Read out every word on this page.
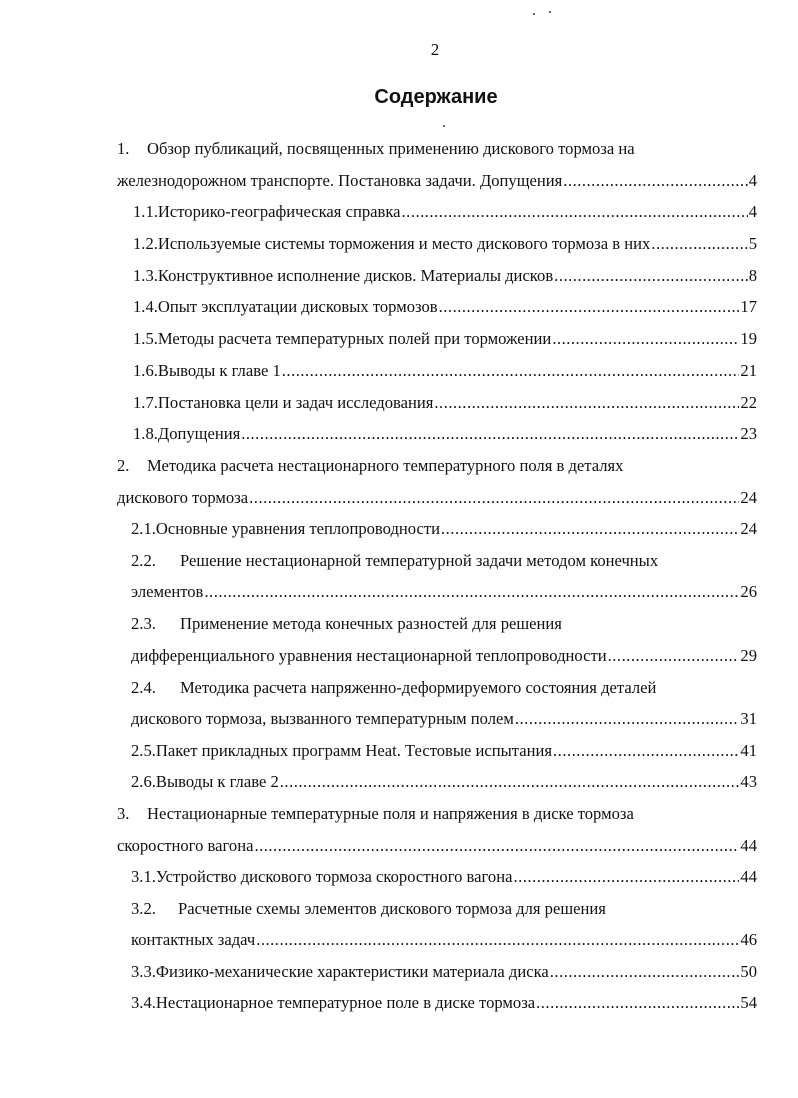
2
Содержание
1. Обзор публикаций, посвященных применению дискового тормоза на
железнодорожном транспорте. Постановка задачи. Допущения .....	4
1.1. Историко-географическая справка .....	4
1.2. Используемые системы торможения и место дискового тормоза в них .....	5
1.3. Конструктивное исполнение дисков. Материалы дисков .....	8
1.4. Опыт эксплуатации дисковых тормозов .....	17
1.5. Методы расчета температурных полей при торможении .....	19
1.6. Выводы к главе 1 .....	21
1.7. Постановка цели и задач исследования .....	22
1.8. Допущения .....	23
2. Методика расчета нестационарного температурного поля в деталях
дискового тормоза .....	24
2.1. Основные уравнения теплопроводности .....	24
2.2. Решение нестационарной температурной задачи методом конечных
элементов .....	26
2.3. Применение метода конечных разностей для решения
дифференциального уравнения нестационарной теплопроводности .....	29
2.4. Методика расчета напряженно-деформируемого состояния деталей
дискового тормоза, вызванного температурным полем .....	31
2.5. Пакет прикладных программ Heat. Тестовые испытания .....	41
2.6. Выводы к главе 2 .....	43
3. Нестационарные температурные поля и напряжения в диске тормоза
скоростного вагона .....	44
3.1. Устройство дискового тормоза скоростного вагона .....	44
3.2. Расчетные схемы элементов дискового тормоза для решения
контактных задач .....	46
3.3. Физико-механические характеристики материала диска .....	50
3.4. Нестационарное температурное поле в диске тормоза .....	54
